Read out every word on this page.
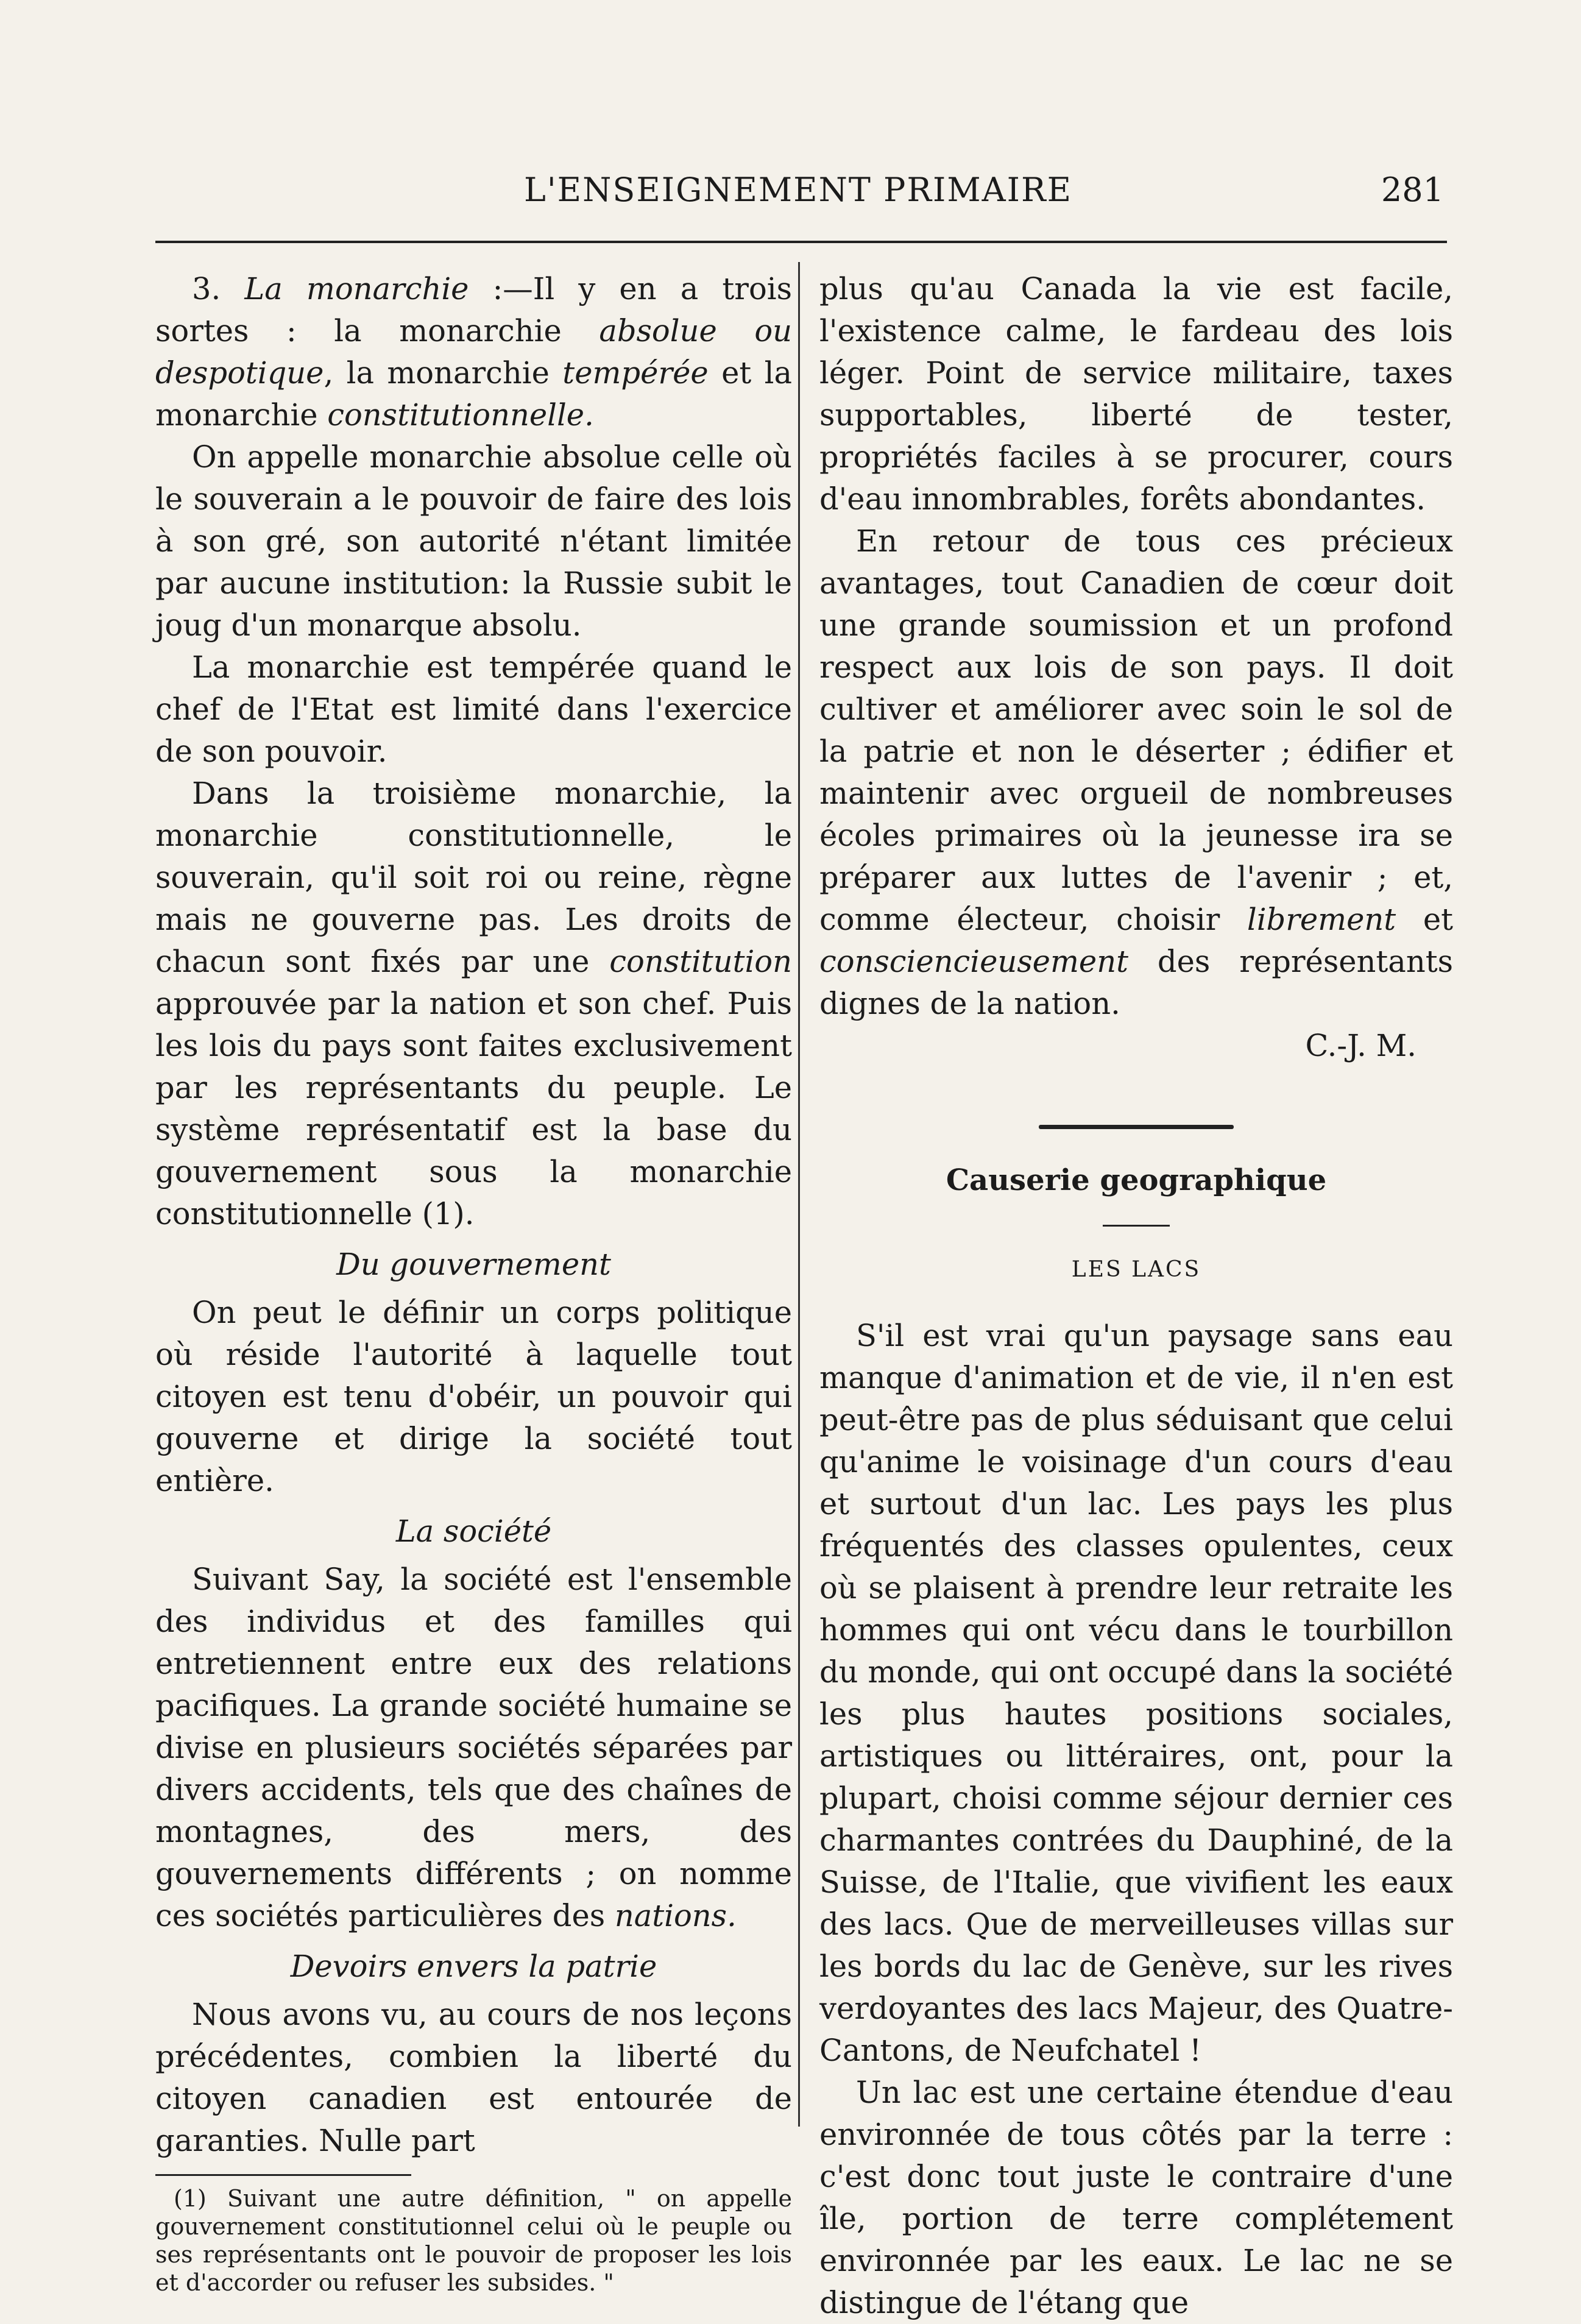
L'ENSEIGNEMENT PRIMAIRE	281

3. La monarchie :—Il y en a trois sortes : la monarchie absolue ou despotique, la monarchie tempérée et la monarchie constitutionnelle.

On appelle monarchie absolue celle où le souverain a le pouvoir de faire des lois à son gré, son autorité n'étant limitée par aucune institution: la Russie subit le joug d'un monarque absolu.

La monarchie est tempérée quand le chef de l'Etat est limité dans l'exercice de son pouvoir.

Dans la troisième monarchie, la monarchie constitutionnelle, le souverain, qu'il soit roi ou reine, règne mais ne gouverne pas. Les droits de chacun sont fixés par une constitution approuvée par la nation et son chef. Puis les lois du pays sont faites exclusivement par les représentants du peuple. Le système représentatif est la base du gouvernement sous la monarchie constitutionnelle (1).

Du gouvernement

On peut le définir un corps politique où réside l'autorité à laquelle tout citoyen est tenu d'obéir, un pouvoir qui gouverne et dirige la société tout entière.

La société

Suivant Say, la société est l'ensemble des individus et des familles qui entretiennent entre eux des relations pacifiques. La grande société humaine se divise en plusieurs sociétés séparées par divers accidents, tels que des chaînes de montagnes, des mers, des gouvernements différents ; on nomme ces sociétés particulières des nations.

Devoirs envers la patrie

Nous avons vu, au cours de nos leçons précédentes, combien la liberté du citoyen canadien est entourée de garanties. Nulle part

(1) Suivant une autre définition, " on appelle gouvernement constitutionnel celui où le peuple ou ses représentants ont le pouvoir de proposer les lois et d'accorder ou refuser les subsides. "

plus qu'au Canada la vie est facile, l'existence calme, le fardeau des lois léger. Point de service militaire, taxes supportables, liberté de tester, propriétés faciles à se procurer, cours d'eau innombrables, forêts abondantes.

En retour de tous ces précieux avantages, tout Canadien de cœur doit une grande soumission et un profond respect aux lois de son pays. Il doit cultiver et améliorer avec soin le sol de la patrie et non le déserter ; édifier et maintenir avec orgueil de nombreuses écoles primaires où la jeunesse ira se préparer aux luttes de l'avenir ; et, comme électeur, choisir librement et consciencieusement des représentants dignes de la nation.

C.-J. M.

Causerie geographique
LES LACS

S'il est vrai qu'un paysage sans eau manque d'animation et de vie, il n'en est peut-être pas de plus séduisant que celui qu'anime le voisinage d'un cours d'eau et surtout d'un lac. Les pays les plus fréquentés des classes opulentes, ceux où se plaisent à prendre leur retraite les hommes qui ont vécu dans le tourbillon du monde, qui ont occupé dans la société les plus hautes positions sociales, artistiques ou littéraires, ont, pour la plupart, choisi comme séjour dernier ces charmantes contrées du Dauphiné, de la Suisse, de l'Italie, que vivifient les eaux des lacs. Que de merveilleuses villas sur les bords du lac de Genève, sur les rives verdoyantes des lacs Majeur, des Quatre-Cantons, de Neufchatel !

Un lac est une certaine étendue d'eau environnée de tous côtés par la terre : c'est donc tout juste le contraire d'une île, portion de terre complétement environnée par les eaux. Le lac ne se distingue de l'étang que
